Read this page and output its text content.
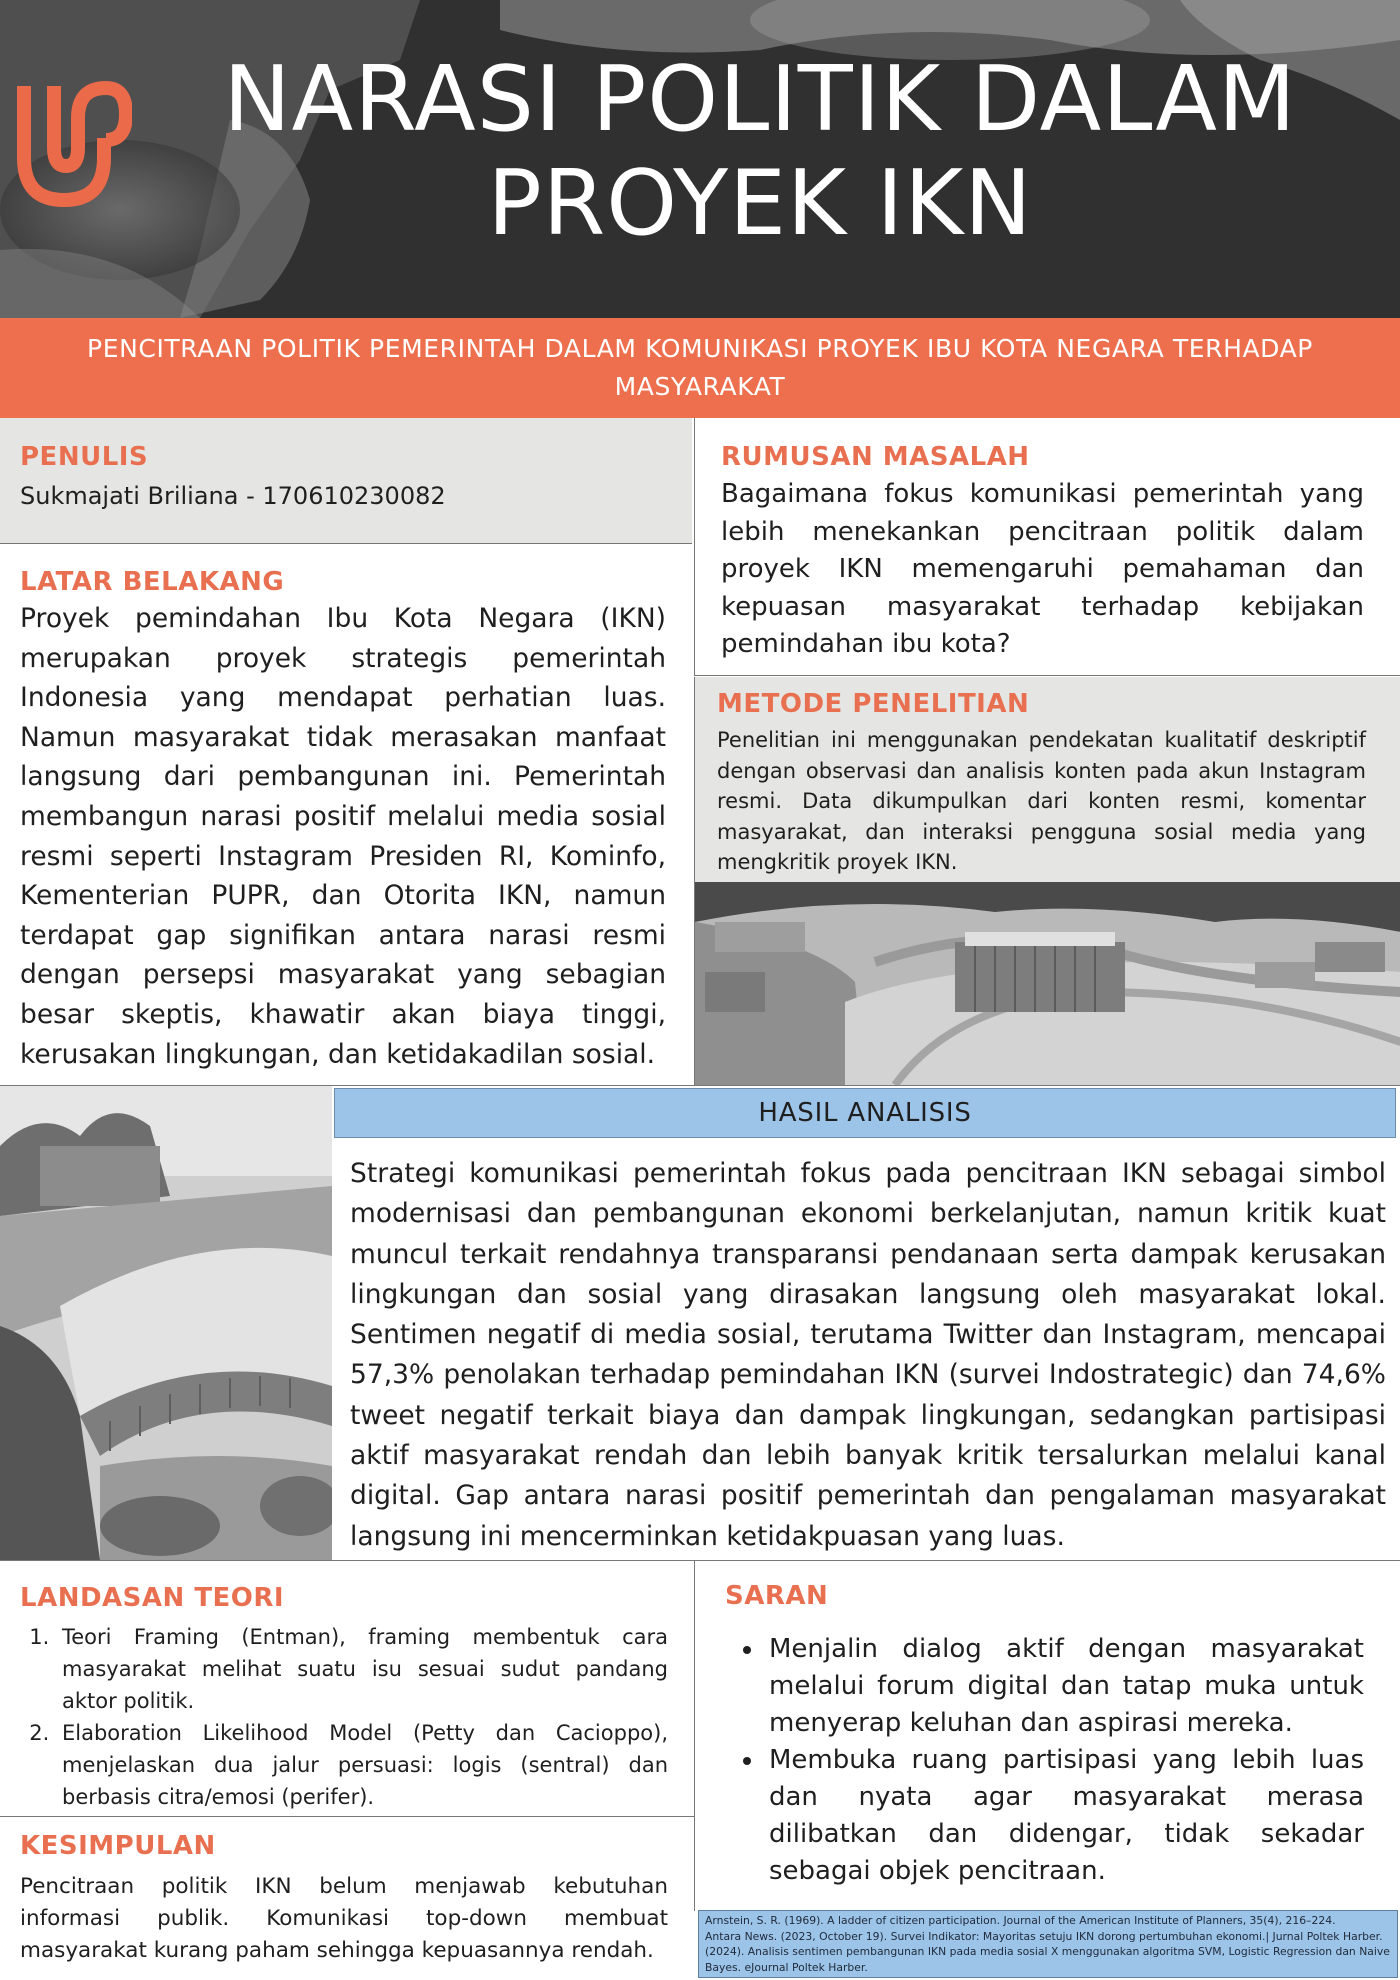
NARASI POLITIK DALAM
PROYEK IKN
PENCITRAAN POLITIK PEMERINTAH DALAM KOMUNIKASI PROYEK IBU KOTA NEGARA TERHADAP MASYARAKAT
PENULIS
Sukmajati Briliana - 170610230082
LATAR BELAKANG
Proyek pemindahan Ibu Kota Negara (IKN) merupakan proyek strategis pemerintah Indonesia yang mendapat perhatian luas. Namun masyarakat tidak merasakan manfaat langsung dari pembangunan ini. Pemerintah membangun narasi positif melalui media sosial resmi seperti Instagram Presiden RI, Kominfo, Kementerian PUPR, dan Otorita IKN, namun terdapat gap signifikan antara narasi resmi dengan persepsi masyarakat yang sebagian besar skeptis, khawatir akan biaya tinggi, kerusakan lingkungan, dan ketidakadilan sosial.
RUMUSAN MASALAH
Bagaimana fokus komunikasi pemerintah yang lebih menekankan pencitraan politik dalam proyek IKN memengaruhi pemahaman dan kepuasan masyarakat terhadap kebijakan pemindahan ibu kota?
METODE PENELITIAN
Penelitian ini menggunakan pendekatan kualitatif deskriptif dengan observasi dan analisis konten pada akun Instagram resmi. Data dikumpulkan dari konten resmi, komentar masyarakat, dan interaksi pengguna sosial media yang mengkritik proyek IKN.
HASIL ANALISIS
Strategi komunikasi pemerintah fokus pada pencitraan IKN sebagai simbol modernisasi dan pembangunan ekonomi berkelanjutan, namun kritik kuat muncul terkait rendahnya transparansi pendanaan serta dampak kerusakan lingkungan dan sosial yang dirasakan langsung oleh masyarakat lokal. Sentimen negatif di media sosial, terutama Twitter dan Instagram, mencapai 57,3% penolakan terhadap pemindahan IKN (survei Indostrategic) dan 74,6% tweet negatif terkait biaya dan dampak lingkungan, sedangkan partisipasi aktif masyarakat rendah dan lebih banyak kritik tersalurkan melalui kanal digital. Gap antara narasi positif pemerintah dan pengalaman masyarakat langsung ini mencerminkan ketidakpuasan yang luas.
LANDASAN TEORI
1. Teori Framing (Entman), framing membentuk cara masyarakat melihat suatu isu sesuai sudut pandang aktor politik.
2. Elaboration Likelihood Model (Petty dan Cacioppo), menjelaskan dua jalur persuasi: logis (sentral) dan berbasis citra/emosi (perifer).
KESIMPULAN
Pencitraan politik IKN belum menjawab kebutuhan informasi publik. Komunikasi top-down membuat masyarakat kurang paham sehingga kepuasannya rendah.
SARAN
• Menjalin dialog aktif dengan masyarakat melalui forum digital dan tatap muka untuk menyerap keluhan dan aspirasi mereka.
• Membuka ruang partisipasi yang lebih luas dan nyata agar masyarakat merasa dilibatkan dan didengar, tidak sekadar sebagai objek pencitraan.

Arnstein, S. R. (1969). A ladder of citizen participation. Journal of the American Institute of Planners, 35(4), 216–224.

Antara News. (2023, October 19). Survei Indikator: Mayoritas setuju IKN dorong pertumbuhan ekonomi.| Jurnal Poltek Harber. (2024). Analisis sentimen pembangunan IKN pada media sosial X menggunakan algoritma SVM, Logistic Regression dan Naive Bayes. eJournal Poltek Harber.
